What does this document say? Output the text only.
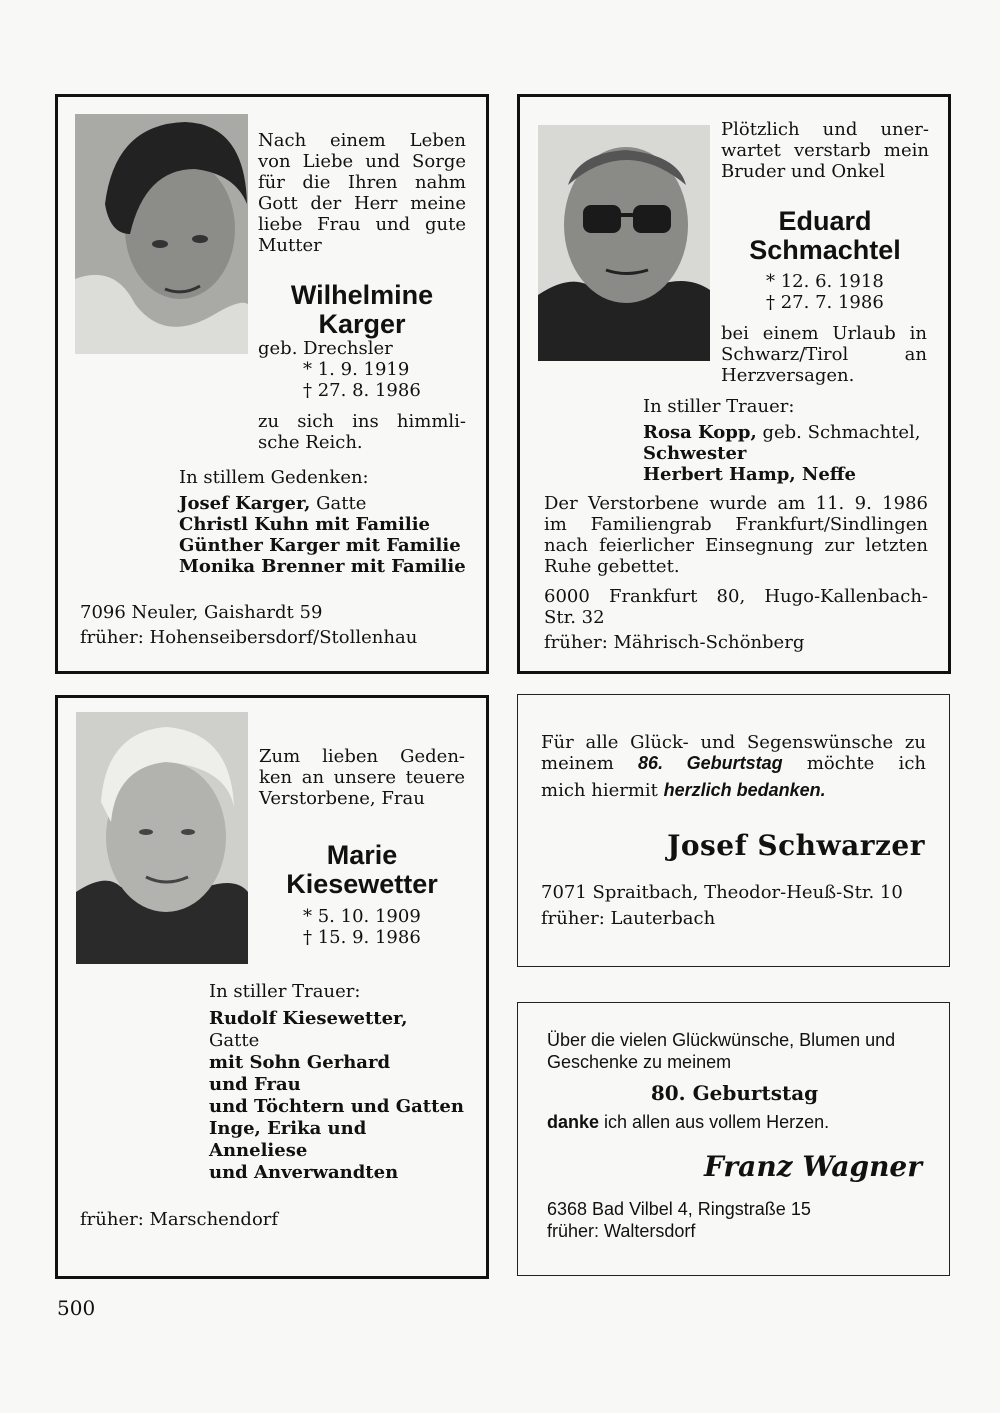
Nach einem Leben
von Liebe und Sorge
für die Ihren nahm
Gott der Herr meine
liebe Frau und gute
Mutter
Wilhelmine
Karger
geb. Drechsler
* 1. 9. 1919
† 27. 8. 1986
zu sich ins himmli-
sche Reich.
In stillem Gedenken:
Josef Karger, Gatte
Christl Kuhn mit Familie
Günther Karger mit Familie
Monika Brenner mit Familie
7096 Neuler, Gaishardt 59
früher: Hohenseibersdorf/Stollenhau
Plötzlich und uner-
wartet verstarb mein
Bruder und Onkel
Eduard
Schmachtel
* 12. 6. 1918
† 27. 7. 1986
bei einem Urlaub in
Schwarz/Tirol an
Herzversagen.
In stiller Trauer:
Rosa Kopp, geb. Schmachtel,
Schwester
Herbert Hamp, Neffe
Der Verstorbene wurde am 11. 9. 1986
im Familiengrab Frankfurt/Sindlingen
nach feierlicher Einsegnung zur letzten
Ruhe gebettet.
6000 Frankfurt 80, Hugo-Kallenbach-
Str. 32
früher: Mährisch-Schönberg
Zum lieben Geden-
ken an unsere teuere
Verstorbene, Frau
Marie
Kiesewetter
* 5. 10. 1909
† 15. 9. 1986
In stiller Trauer:
Rudolf Kiesewetter,
Gatte
mit Sohn Gerhard
und Frau
und Töchtern und Gatten
Inge, Erika und
Anneliese
und Anverwandten
früher: Marschendorf
Für alle Glück- und Segenswünsche zu
meinem 86. Geburtstag möchte ich
mich hiermit herzlich bedanken.
Josef Schwarzer
7071 Spraitbach, Theodor-Heuß-Str. 10
früher: Lauterbach
Über die vielen Glückwünsche, Blumen und
Geschenke zu meinem
80. Geburtstag
danke ich allen aus vollem Herzen.
Franz Wagner
6368 Bad Vilbel 4, Ringstraße 15
früher: Waltersdorf
500
